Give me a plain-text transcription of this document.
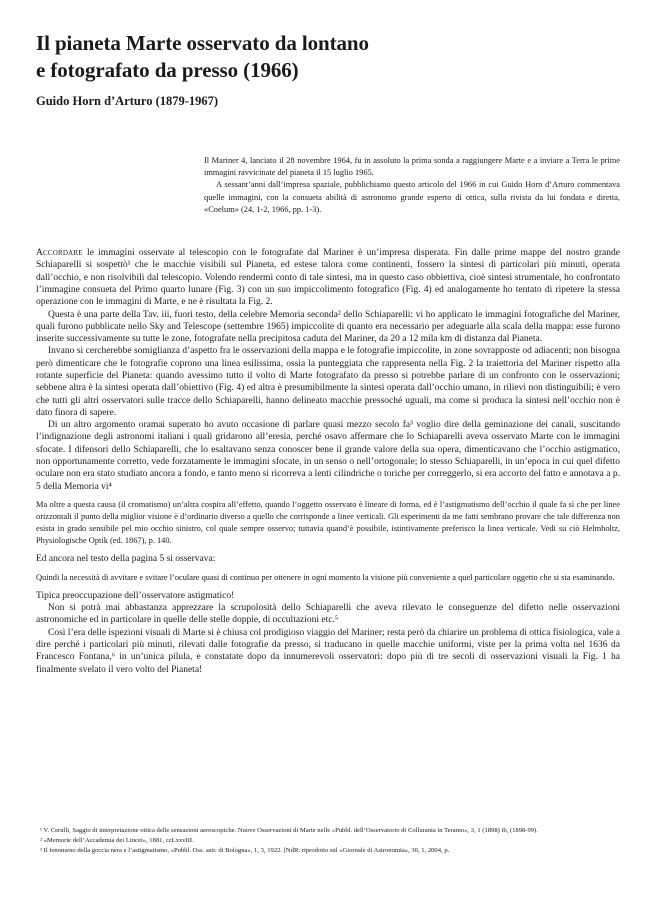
Il pianeta Marte osservato da lontano
e fotografato da presso (1966)
Guido Horn d’Arturo (1879-1967)

Il Mariner 4, lanciato il 28 novembre 1964, fu in assoluto la prima sonda a raggiungere Marte e a inviare a Terra le prime immagini ravvicinate del pianeta il 15 luglio 1965.

A sessant’anni dall’impresa spaziale, pubblichiamo questo articolo del 1966 in cui Guido Horn d’Arturo commentava quelle immagini, con la consueta abilità di astronomo grande esperto di ottica, sulla rivista da lui fondata e diretta, «Coelum» (24, 1-2, 1966, pp. 1-3).

Accordare le immagini osservate al telescopio con le fotografate dal Mariner è un’impresa disperata. Fin dalle prime mappe del nostro grande Schiaparelli si sospettò¹ che le macchie visibili sul Pianeta, ed estese talora come continenti, fossero la sintesi di particolari più minuti, operata dall’occhio, e non risolvibili dal telescopio. Volendo rendermi conto di tale sintesi, ma in questo caso obbiettiva, cioè sintesi strumentale, ho confrontato l’immagine consueta del Primo quarto lunare (Fig. 3) con un suo impiccolimento fotografico (Fig. 4) ed analogamente ho tentato di ripetere la stessa operazione con le immagini di Marte, e ne è risultata la Fig. 2.

Questa è una parte della Tav. iii, fuori testo, della celebre Memoria seconda² dello Schiaparelli: vi ho applicato le immagini fotografiche del Mariner, quali furono pubblicate nello Sky and Telescope (settembre 1965) impiccolite di quanto era necessario per adeguarle alla scala della mappa: esse furono inserite successivamente su tutte le zone, fotografate nella precipitosa caduta del Mariner, da 20 a 12 mila km di distanza dal Pianeta.

Invano si cercherebbe somiglianza d’aspetto fra le osservazioni della mappa e le fotografie impiccolite, in zone sovrapposte od adiacenti; non bisogna però dimenticare che le fotografie coprono una linea esilissima, ossia la punteggiata che rappresenta nella Fig. 2 la traiettoria del Mariner rispetto alla rotante superficie del Pianeta: quando avessimo tutto il volto di Marte fotografato da presso si potrebbe parlare di un confronto con le osservazioni; sebbene altra è la sintesi operata dall’obiettivo (Fig. 4) ed altra è presumibilmente la sintesi operata dall’occhio umano, in rilievi non distinguibili; è vero che tutti gli altri osservatori sulle tracce dello Schiaparelli, hanno delineato macchie pressoché uguali, ma come si produca la sintesi nell’occhio non è dato finora di sapere.

Di un altro argomento oramai superato ho avuto occasione di parlare quasi mezzo secolo fa³ voglio dire della geminazione dei canali, suscitando l’indignazione degli astronomi italiani i quali gridarono all’eresia, perché osavo affermare che lo Schiaparelli aveva osservato Marte con le immagini sfocate. I difensori dello Schiaparelli, che lo esaltavano senza conoscer bene il grande valore della sua opera, dimenticavano che l’occhio astigmatico, non opportunamente corretto, vede forzatamente le immagini sfocate, in un senso o nell’ortogonale; lo stesso Schiaparelli, in un’epoca in cui quel difetto oculare non era stato studiato ancora a fondo, e tanto meno si ricorreva a lenti cilindriche o toriche per correggerlo, si era accorto del fatto e annotava a p. 5 della Memoria vi⁴

Ma oltre a questa causa (il cromatismo) un’altra cospira all’effetto, quando l’oggetto osservato è lineare di forma, ed è l’astigmatismo dell’occhio il quale fa sì che per linee orizzontali il punto della miglior visione è d’ordinario diverso a quello che corrisponde a linee verticali. Gli esperimenti da me fatti sembrano provare che tale differenza non esista in grado sensibile pel mio occhio sinistro, col quale sempre osservo; tuttavia quand’è possibile, istintivamente preferisco la linea verticale. Vedi su ciò Helmholtz, Physiologische Optik (ed. 1867), p. 140.

Ed ancora nel testo della pagina 5 si osservava:

Quindi la necessità di avvitare e svitare l’oculare quasi di continuo per ottenere in ogni momento la visione più conveniente a quel particolare oggetto che si sta esaminando.

Tipica preoccupazione dell’osservatore astigmatico!

Non si potrà mai abbastanza apprezzare la scrupolosità dello Schiaparelli che aveva rilevato le conseguenze del difetto nelle osservazioni astronomiche ed in particolare in quelle delle stelle doppie, di occultazioni etc.⁵

Così l’era delle ispezioni visuali di Marte si è chiusa col prodigioso viaggio del Mariner; resta però da chiarire un problema di ottica fisiologica, vale a dire perché i particolari più minuti, rilevati dalle fotografie da presso, si traducano in quelle macchie uniformi, viste per la prima volta nel 1636 da Francesco Fontana,⁶ in un’unica pilula, e constatate dopo da innumerevoli osservatori: dopo più di tre secoli di osservazioni visuali la Fig. 1 ha finalmente svelato il vero volto del Pianeta!

¹ V. Cerulli, Saggio di interpretazione ottica delle sensazioni aeroscopiche. Nuove Osservazioni di Marte nelle «Pubbl. dell’Osservatorio di Collurania in Teramo», 3, 1 (1898) ib, (1898-99).

² «Memorie dell’Accademia dei Lincei», 1881, ccLxxvIII.

³ Il fenomeno della goccia nera e l’astigmatismo, «Pubbl. Oss. astr. di Bologna», 1, 3, 1922. [NdR: riprodotto sul «Giornale di Astronomia», 30, 1, 2004, p.
